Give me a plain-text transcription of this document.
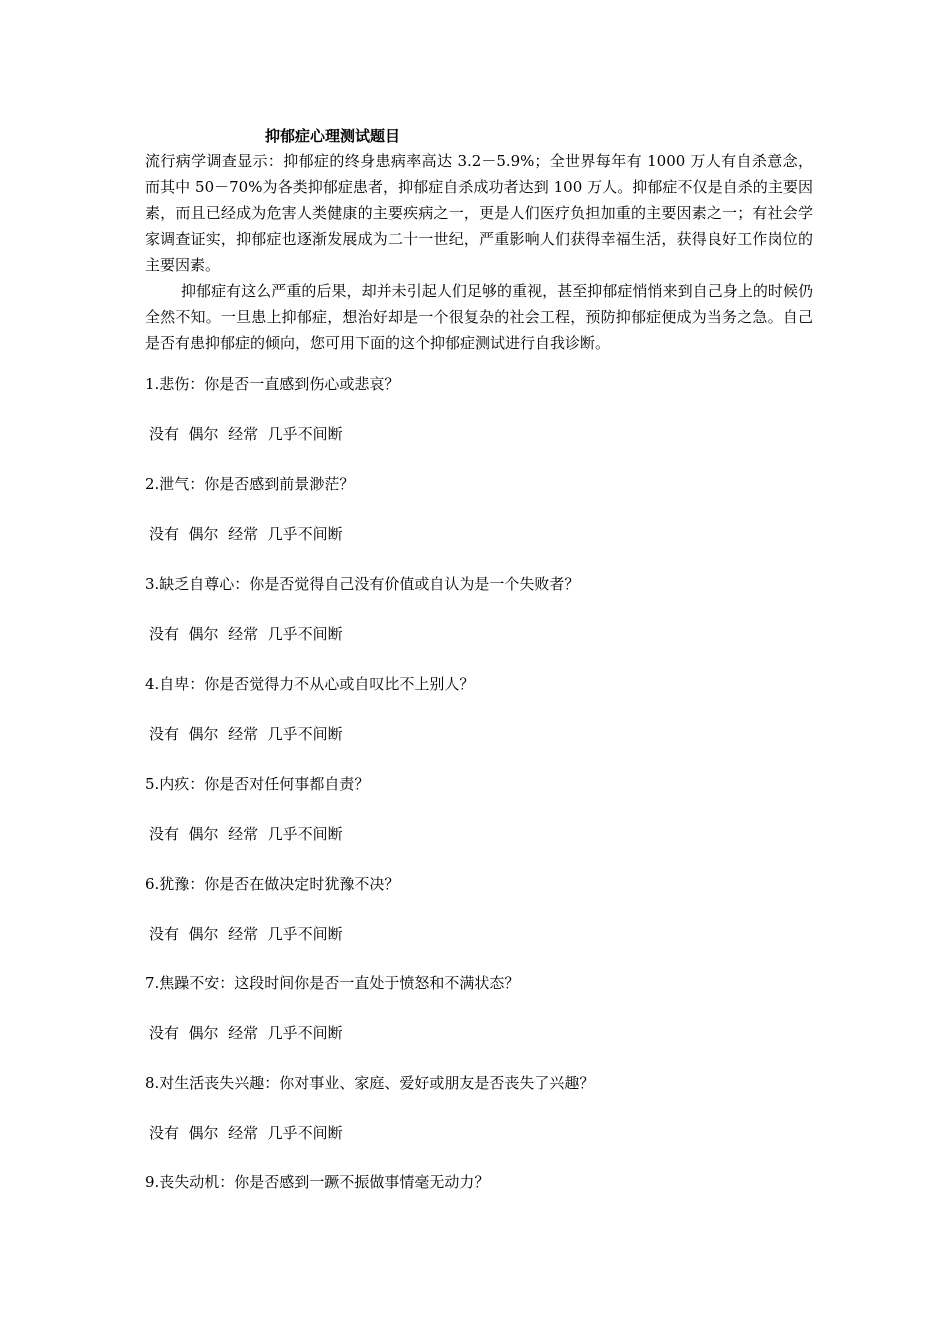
抑郁症心理测试题目

流行病学调查显示：抑郁症的终身患病率高达 3.2－5.9%；全世界每年有 1000 万人有自杀意念，而其中 50－70%为各类抑郁症患者，抑郁症自杀成功者达到 100 万人。抑郁症不仅是自杀的主要因素，而且已经成为危害人类健康的主要疾病之一，更是人们医疗负担加重的主要因素之一；有社会学家调查证实，抑郁症也逐渐发展成为二十一世纪，严重影响人们获得幸福生活，获得良好工作岗位的主要因素。

抑郁症有这么严重的后果，却并未引起人们足够的重视，甚至抑郁症悄悄来到自己身上的时候仍全然不知。一旦患上抑郁症，想治好却是一个很复杂的社会工程，预防抑郁症便成为当务之急。自己是否有患抑郁症的倾向，您可用下面的这个抑郁症测试进行自我诊断。

1.悲伤：你是否一直感到伤心或悲哀？
没有  偶尔  经常  几乎不间断
2.泄气：你是否感到前景渺茫？
没有  偶尔  经常  几乎不间断
3.缺乏自尊心：你是否觉得自己没有价值或自认为是一个失败者？
没有  偶尔  经常  几乎不间断
4.自卑：你是否觉得力不从心或自叹比不上别人？
没有  偶尔  经常  几乎不间断
5.内疚：你是否对任何事都自责？
没有  偶尔  经常  几乎不间断
6.犹豫：你是否在做决定时犹豫不决？
没有  偶尔  经常  几乎不间断
7.焦躁不安：这段时间你是否一直处于愤怒和不满状态？
没有  偶尔  经常  几乎不间断
8.对生活丧失兴趣：你对事业、家庭、爱好或朋友是否丧失了兴趣？
没有  偶尔  经常  几乎不间断
9.丧失动机：你是否感到一蹶不振做事情毫无动力？
